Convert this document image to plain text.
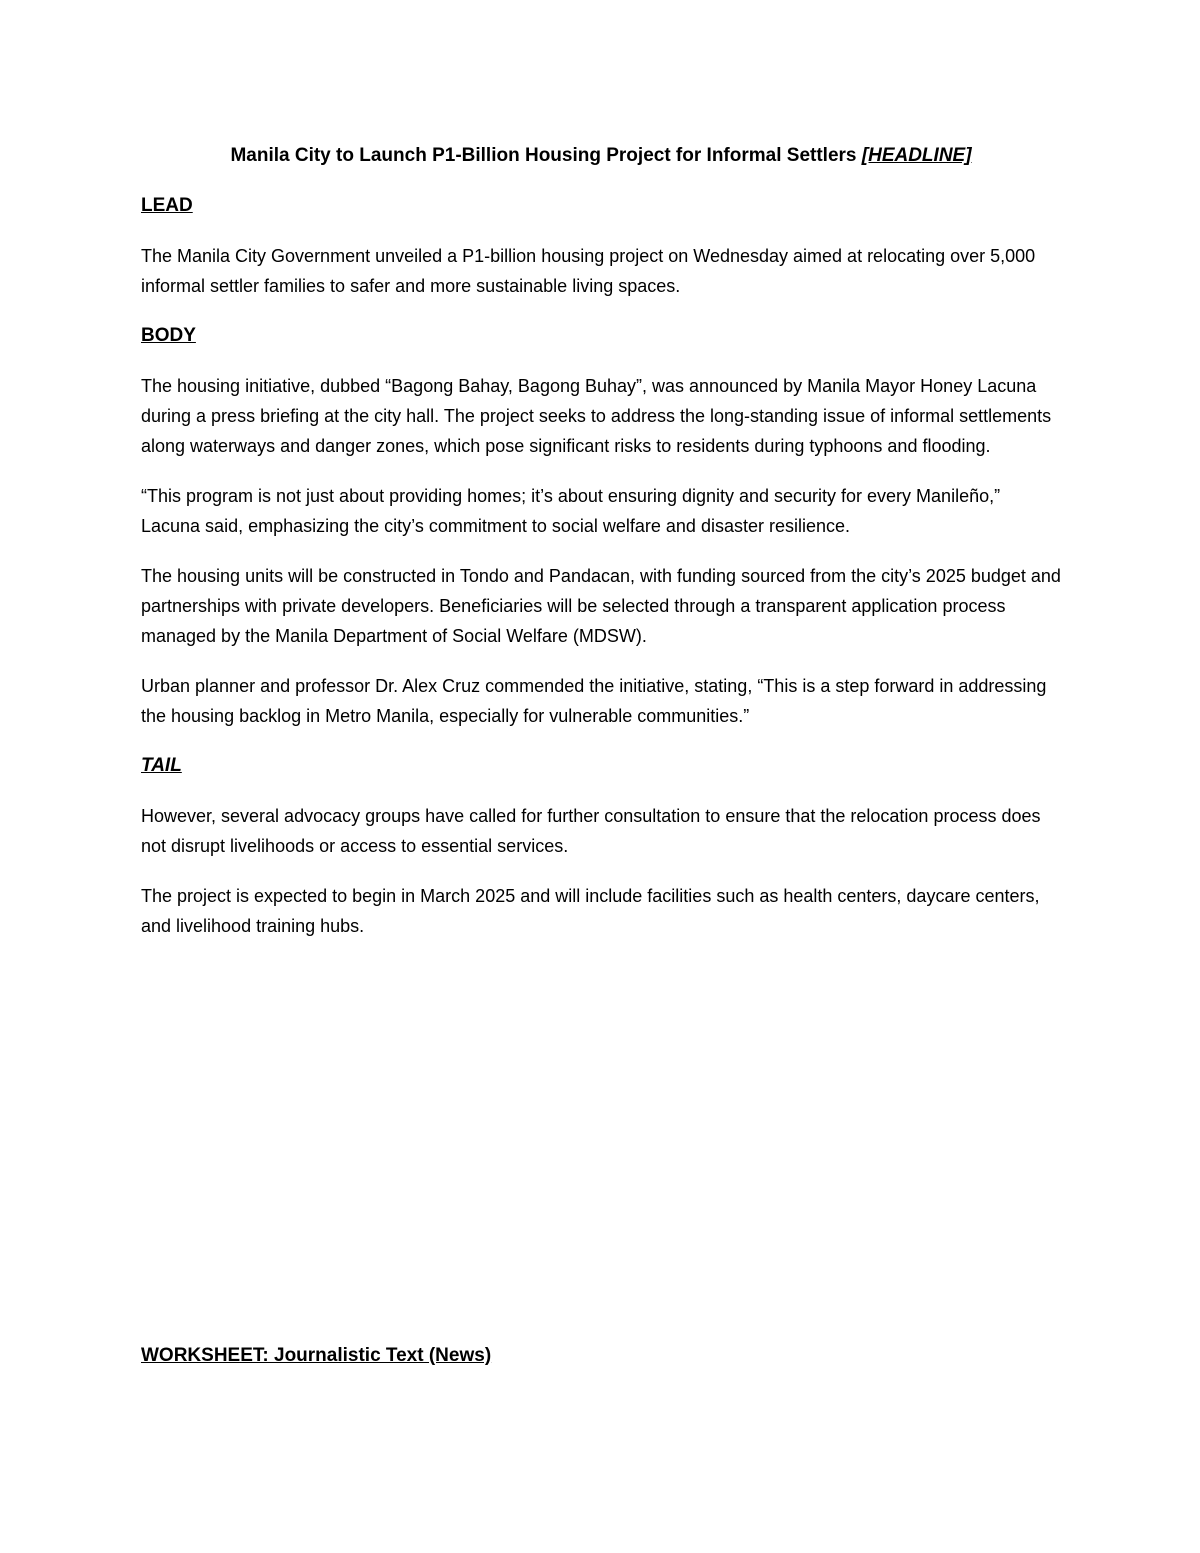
Manila City to Launch P1-Billion Housing Project for Informal Settlers [HEADLINE]
LEAD

The Manila City Government unveiled a P1-billion housing project on Wednesday aimed at relocating over 5,000 informal settler families to safer and more sustainable living spaces.

BODY

The housing initiative, dubbed “Bagong Bahay, Bagong Buhay”, was announced by Manila Mayor Honey Lacuna during a press briefing at the city hall. The project seeks to address the long-standing issue of informal settlements along waterways and danger zones, which pose significant risks to residents during typhoons and flooding.

“This program is not just about providing homes; it’s about ensuring dignity and security for every Manileño,” Lacuna said, emphasizing the city’s commitment to social welfare and disaster resilience.

The housing units will be constructed in Tondo and Pandacan, with funding sourced from the city’s 2025 budget and partnerships with private developers. Beneficiaries will be selected through a transparent application process managed by the Manila Department of Social Welfare (MDSW).

Urban planner and professor Dr. Alex Cruz commended the initiative, stating, “This is a step forward in addressing the housing backlog in Metro Manila, especially for vulnerable communities.”

TAIL

However, several advocacy groups have called for further consultation to ensure that the relocation process does not disrupt livelihoods or access to essential services.

The project is expected to begin in March 2025 and will include facilities such as health centers, daycare centers, and livelihood training hubs.

WORKSHEET: Journalistic Text (News)
